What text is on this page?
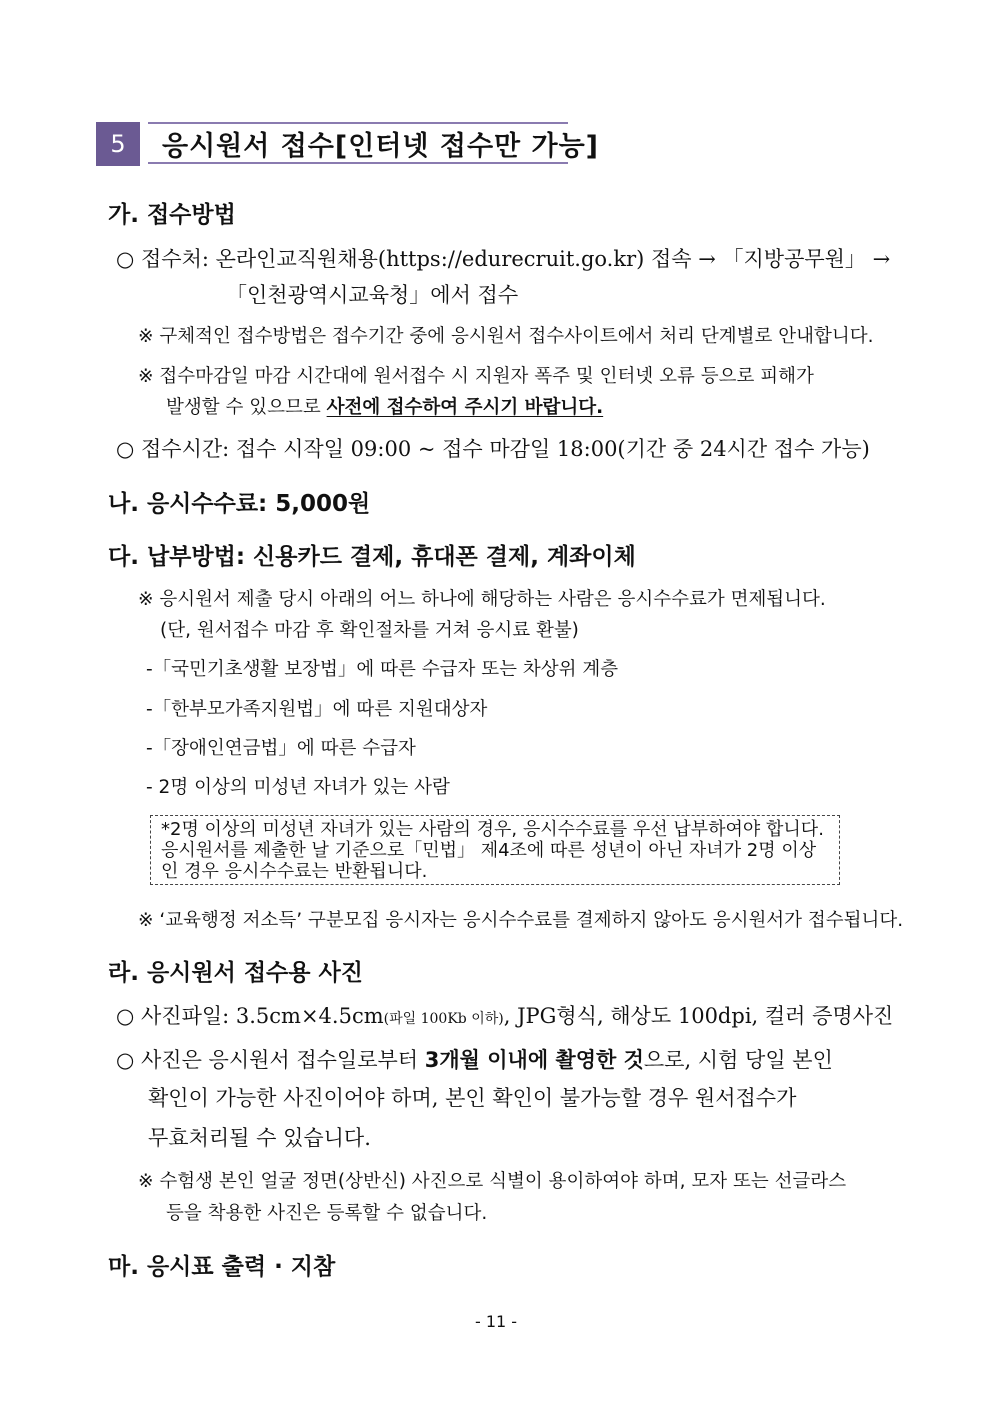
5	응시원서 접수[인터넷 접수만 가능]
가. 접수방법
○ 접수처: 온라인교직원채용(https://edurecruit.go.kr) 접속 → 「지방공무원」 →
「인천광역시교육청」에서 접수
※ 구체적인 접수방법은 접수기간 중에 응시원서 접수사이트에서 처리 단계별로 안내합니다.
※ 접수마감일 마감 시간대에 원서접수 시 지원자 폭주 및 인터넷 오류 등으로 피해가
발생할 수 있으므로 사전에 접수하여 주시기 바랍니다.
○ 접수시간: 접수 시작일 09:00 ~ 접수 마감일 18:00(기간 중 24시간 접수 가능)
나. 응시수수료: 5,000원
다. 납부방법: 신용카드 결제, 휴대폰 결제, 계좌이체
※ 응시원서 제출 당시 아래의 어느 하나에 해당하는 사람은 응시수수료가 면제됩니다.
(단, 원서접수 마감 후 확인절차를 거쳐 응시료 환불)
-「국민기초생활 보장법」에 따른 수급자 또는 차상위 계층
-「한부모가족지원법」에 따른 지원대상자
-「장애인연금법」에 따른 수급자
- 2명 이상의 미성년 자녀가 있는 사람
*2명 이상의 미성년 자녀가 있는 사람의 경우, 응시수수료를 우선 납부하여야 합니다. 응시원서를 제출한 날 기준으로「민법」 제4조에 따른 성년이 아닌 자녀가 2명 이상인 경우 응시수수료는 반환됩니다.
※ ‘교육행정 저소득’ 구분모집 응시자는 응시수수료를 결제하지 않아도 응시원서가 접수됩니다.
라. 응시원서 접수용 사진
○ 사진파일: 3.5cm×4.5cm(파일 100Kb 이하), JPG형식, 해상도 100dpi, 컬러 증명사진
○ 사진은 응시원서 접수일로부터 3개월 이내에 촬영한 것으로, 시험 당일 본인
확인이 가능한 사진이어야 하며, 본인 확인이 불가능할 경우 원서접수가
무효처리될 수 있습니다.
※ 수험생 본인 얼굴 정면(상반신) 사진으로 식별이 용이하여야 하며, 모자 또는 선글라스
등을 착용한 사진은 등록할 수 없습니다.
마. 응시표 출력 · 지참
- 11 -
